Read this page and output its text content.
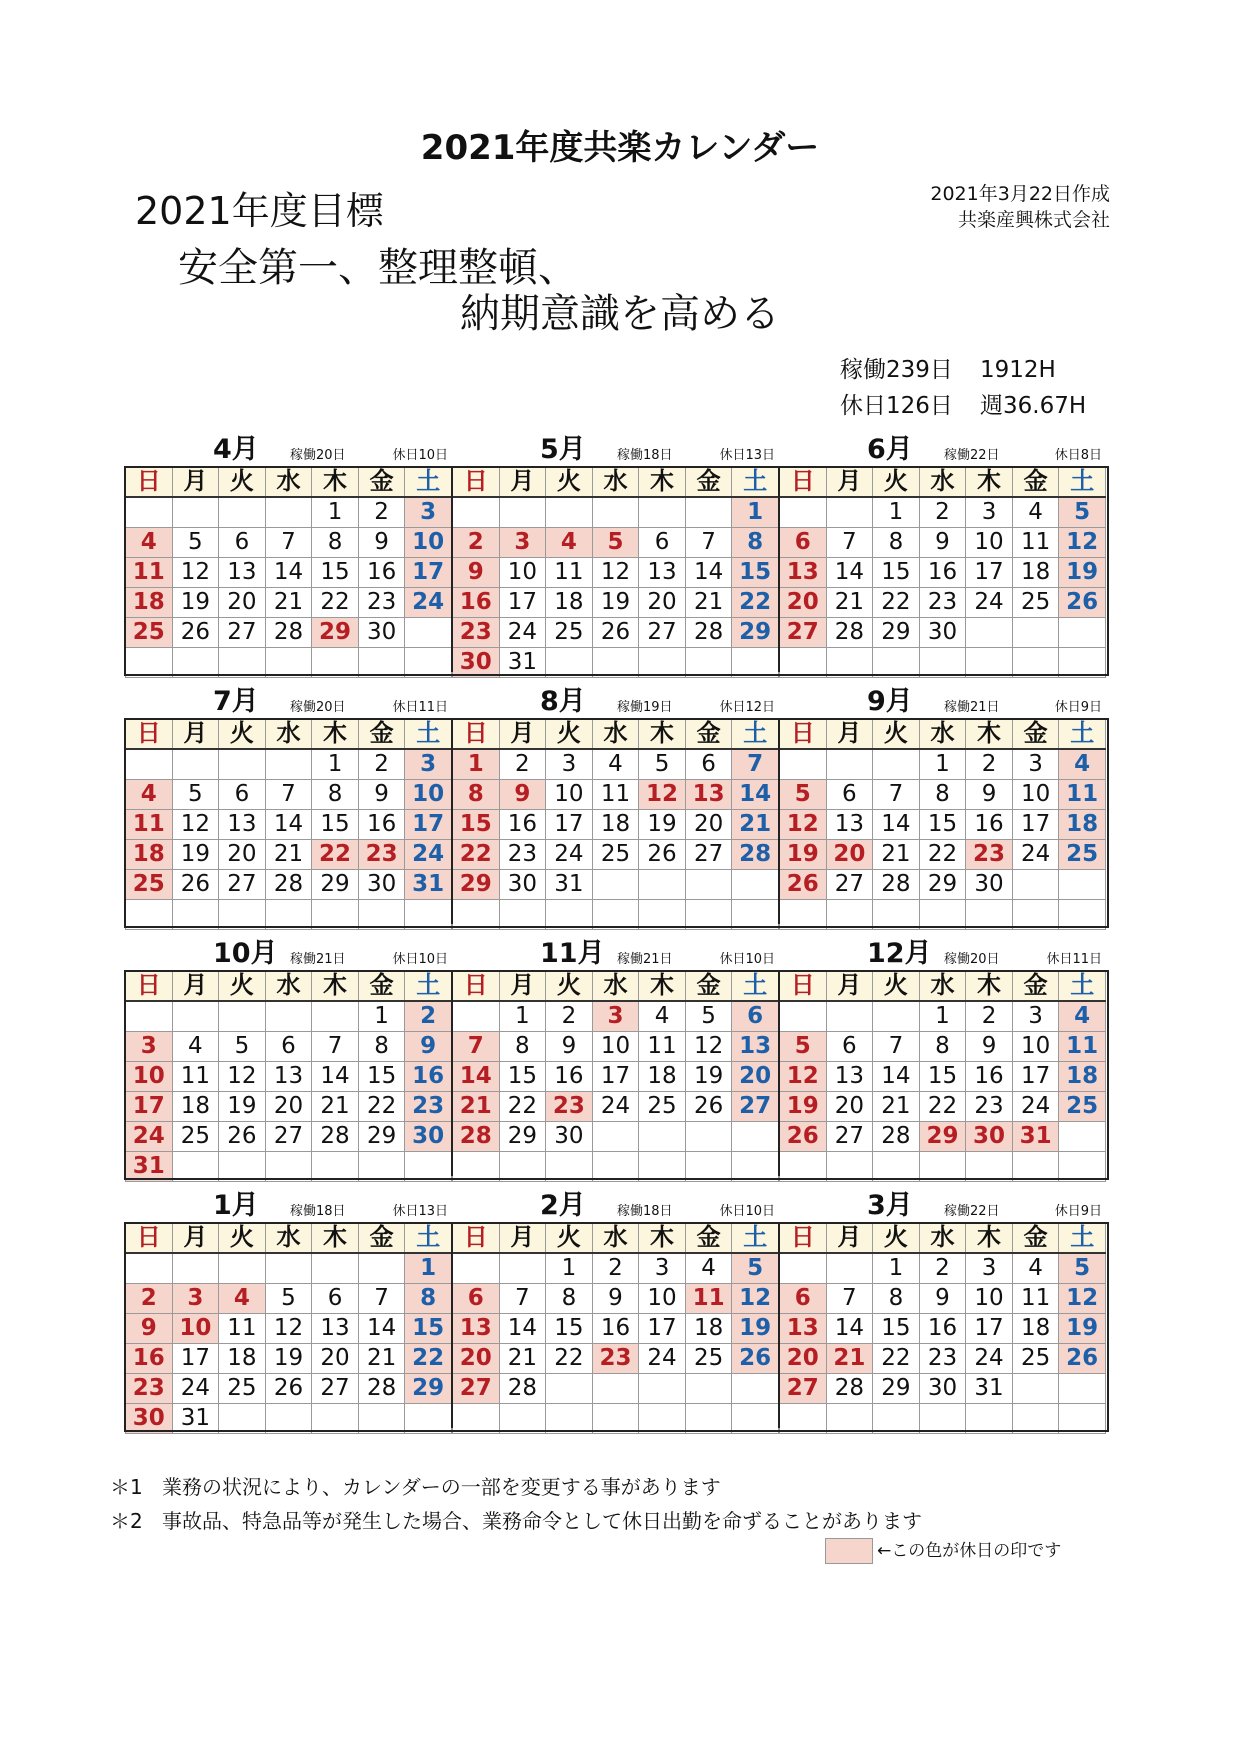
2021年度共楽カレンダー
2021年度目標
安全第一、整理整頓、
納期意識を高める
2021年3月22日作成
共楽産興株式会社
稼働239日 1912H
休日126日 週36.67H
4月 稼働20日	休日10日
日	月	火	水	木	金	土
				1	2	3
4	5	6	7	8	9	10
11	12	13	14	15	16	17
18	19	20	21	22	23	24
25	26	27	28	29	30	

5月 稼働18日	休日13日
日	月	火	水	木	金	土
						1
2	3	4	5	6	7	8
9	10	11	12	13	14	15
16	17	18	19	20	21	22
23	24	25	26	27	28	29
30	31					
6月 稼働22日	休日8日
日	月	火	水	木	金	土
		1	2	3	4	5
6	7	8	9	10	11	12
13	14	15	16	17	18	19
20	21	22	23	24	25	26
27	28	29	30			

7月 稼働20日	休日11日
日	月	火	水	木	金	土
				1	2	3
4	5	6	7	8	9	10
11	12	13	14	15	16	17
18	19	20	21	22	23	24
25	26	27	28	29	30	31

8月 稼働19日	休日12日
日	月	火	水	木	金	土
1	2	3	4	5	6	7
8	9	10	11	12	13	14
15	16	17	18	19	20	21
22	23	24	25	26	27	28
29	30	31				

9月 稼働21日	休日9日
日	月	火	水	木	金	土
			1	2	3	4
5	6	7	8	9	10	11
12	13	14	15	16	17	18
19	20	21	22	23	24	25
26	27	28	29	30		

10月 稼働21日	休日10日
日	月	火	水	木	金	土
					1	2
3	4	5	6	7	8	9
10	11	12	13	14	15	16
17	18	19	20	21	22	23
24	25	26	27	28	29	30
31						
11月 稼働21日	休日10日
日	月	火	水	木	金	土
	1	2	3	4	5	6
7	8	9	10	11	12	13
14	15	16	17	18	19	20
21	22	23	24	25	26	27
28	29	30				

12月 稼働20日	休日11日
日	月	火	水	木	金	土
			1	2	3	4
5	6	7	8	9	10	11
12	13	14	15	16	17	18
19	20	21	22	23	24	25
26	27	28	29	30	31	

1月 稼働18日	休日13日
日	月	火	水	木	金	土
						1
2	3	4	5	6	7	8
9	10	11	12	13	14	15
16	17	18	19	20	21	22
23	24	25	26	27	28	29
30	31					
2月 稼働18日	休日10日
日	月	火	水	木	金	土
		1	2	3	4	5
6	7	8	9	10	11	12
13	14	15	16	17	18	19
20	21	22	23	24	25	26
27	28					

3月 稼働22日	休日9日
日	月	火	水	木	金	土
		1	2	3	4	5
6	7	8	9	10	11	12
13	14	15	16	17	18	19
20	21	22	23	24	25	26
27	28	29	30	31		

＊1 業務の状況により、カレンダーの一部を変更する事があります
＊2 事故品、特急品等が発生した場合、業務命令として休日出勤を命ずることがあります
←この色が休日の印です
